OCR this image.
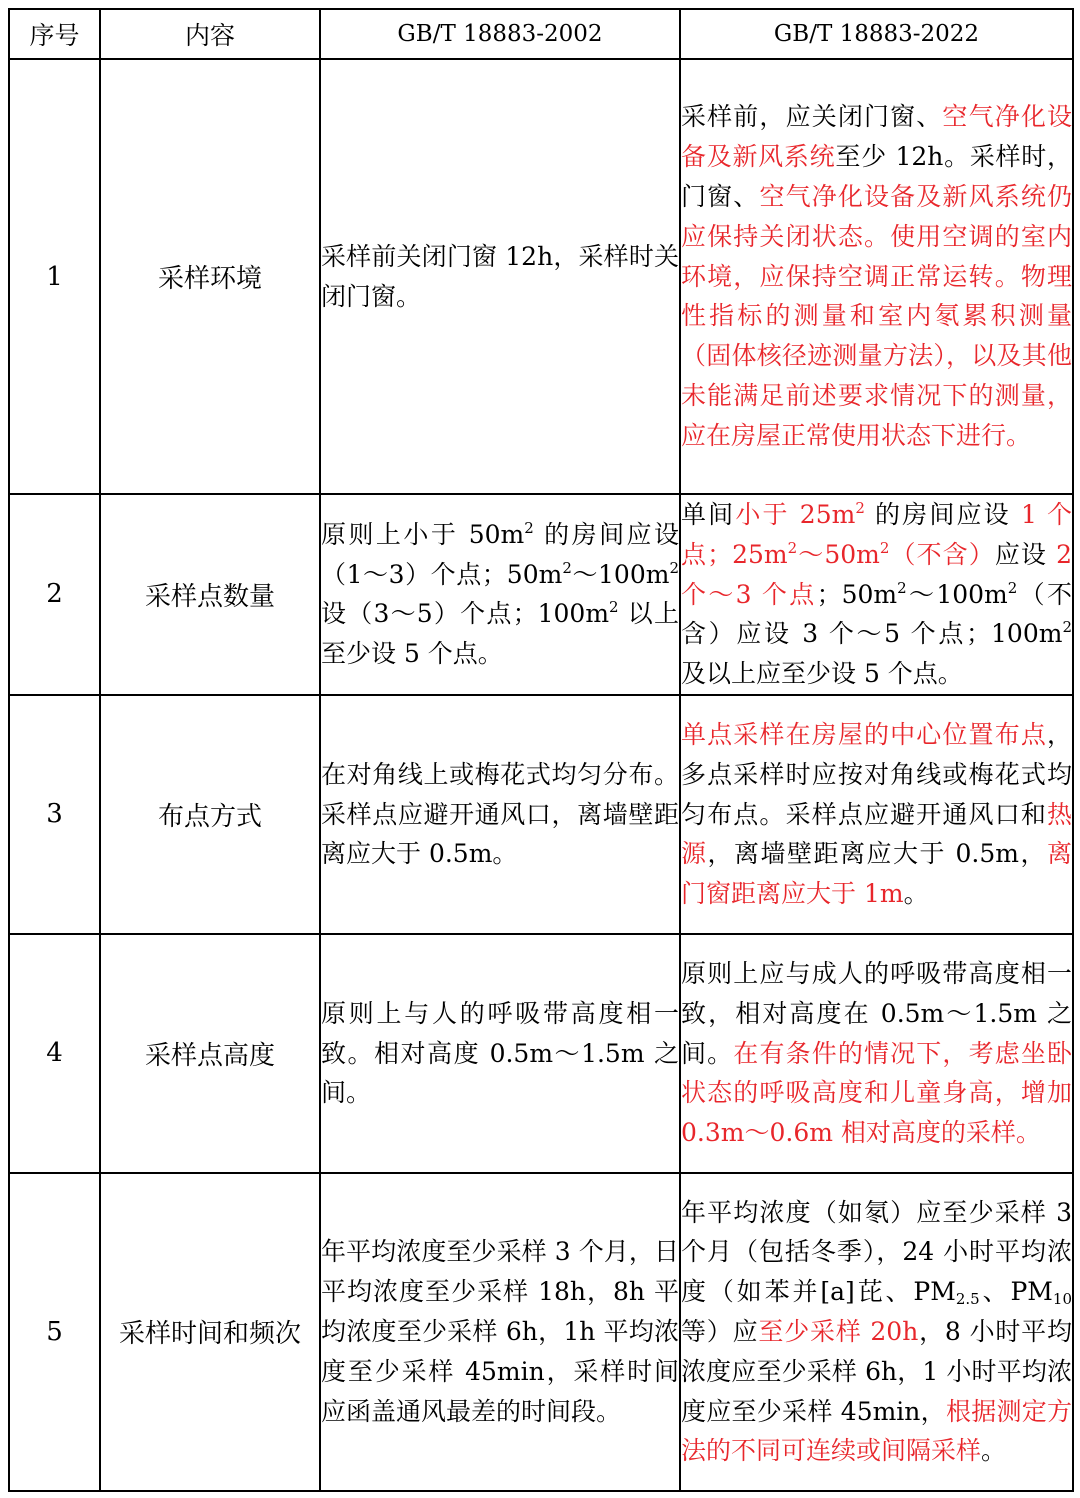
序号	内容	GB/T 18883-2002	GB/T 18883-2022
1	采样环境	采样前关闭门窗 12h，采样时关闭门窗。	采样前，应关闭门窗、空气净化设备及新风系统至少 12h。采样时，门窗、空气净化设备及新风系统仍应保持关闭状态。使用空调的室内环境，应保持空调正常运转。物理性指标的测量和室内氡累积测量（固体核径迹测量方法），以及其他未能满足前述要求情况下的测量，应在房屋正常使用状态下进行。
2	采样点数量	原则上小于 $50m^2$ 的房间应设（1～3）个点；$50m^2\sim 100m^2$ 设（3～5）个点；$100m^2$ 以上至少设 5 个点。	单间小于 $25m^2$ 的房间应设 1 个点；$25m^2\sim 50m^2$（不含）应设 2 个～3 个点；$50m^2\sim 100m^2$（不含）应设 3 个～5 个点；$100m^2$ 及以上应至少设 5 个点。
3	布点方式	在对角线上或梅花式均匀分布。采样点应避开通风口，离墙壁距离应大于 0.5m。	单点采样在房屋的中心位置布点，多点采样时应按对角线或梅花式均匀布点。采样点应避开通风口和热源，离墙壁距离应大于 0.5m，离门窗距离应大于 1m。
4	采样点高度	原则上与人的呼吸带高度相一致。相对高度 0.5m～1.5m 之间。	原则上应与成人的呼吸带高度相一致，相对高度在 0.5m～1.5m 之间。在有条件的情况下，考虑坐卧状态的呼吸高度和儿童身高，增加 0.3m～0.6m 相对高度的采样。
5	采样时间和频次	年平均浓度至少采样 3 个月，日平均浓度至少采样 18h，8h 平均浓度至少采样 6h，1h 平均浓度至少采样 45min，采样时间应函盖通风最差的时间段。	年平均浓度（如氡）应至少采样 3 个月（包括冬季），24 小时平均浓度（如苯并[a]芘、$PM_{2.5}$、$PM_{10}$ 等）应至少采样 20h，8 小时平均浓度应至少采样 6h，1 小时平均浓度应至少采样 45min，根据测定方法的不同可连续或间隔采样。
